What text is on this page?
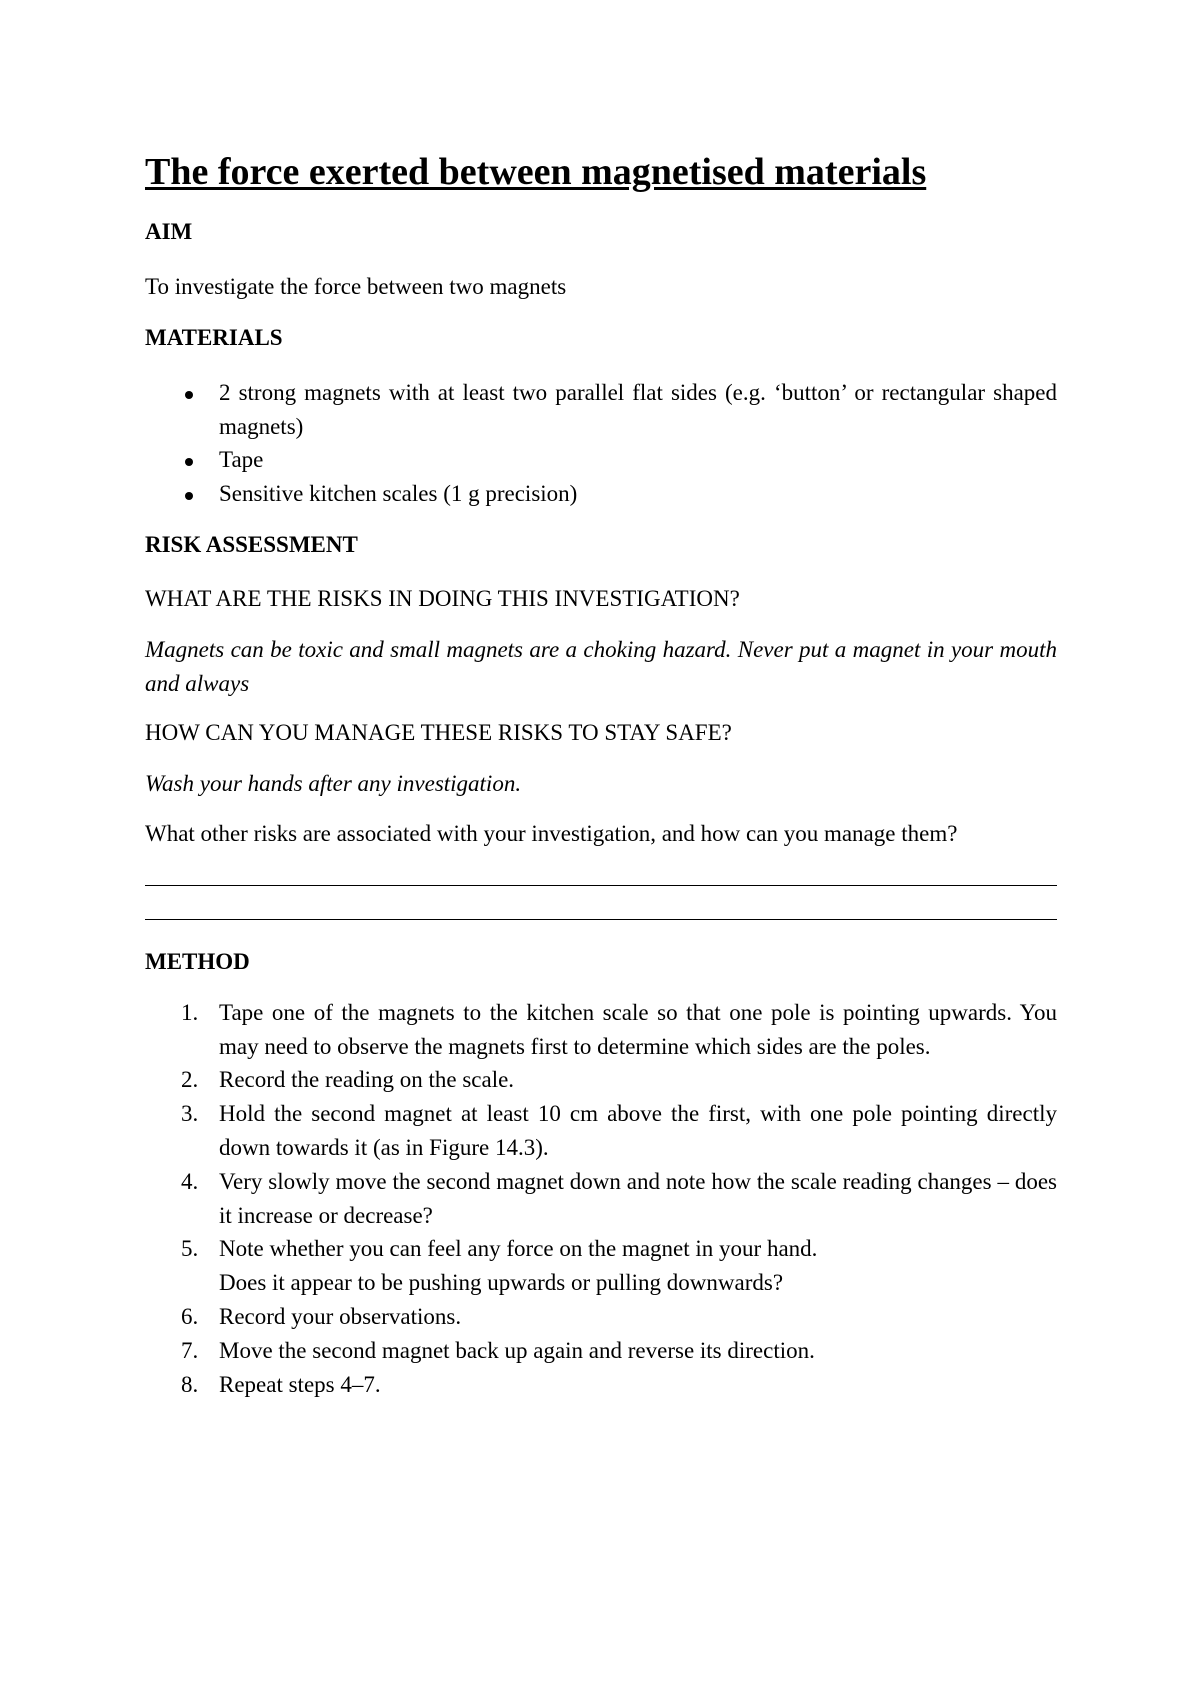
The force exerted between magnetised materials
AIM
To investigate the force between two magnets
MATERIALS
2 strong magnets with at least two parallel flat sides (e.g. ‘button’ or rectangular shaped magnets)
Tape
Sensitive kitchen scales (1 g precision)
RISK ASSESSMENT
WHAT ARE THE RISKS IN DOING THIS INVESTIGATION?
Magnets can be toxic and small magnets are a choking hazard. Never put a magnet in your mouth and always
HOW CAN YOU MANAGE THESE RISKS TO STAY SAFE?
Wash your hands after any investigation.
What other risks are associated with your investigation, and how can you manage them?
METHOD
1. Tape one of the magnets to the kitchen scale so that one pole is pointing upwards. You may need to observe the magnets first to determine which sides are the poles.
2. Record the reading on the scale.
3. Hold the second magnet at least 10 cm above the first, with one pole pointing directly down towards it (as in Figure 14.3).
4. Very slowly move the second magnet down and note how the scale reading changes – does it increase or decrease?
5. Note whether you can feel any force on the magnet in your hand.
Does it appear to be pushing upwards or pulling downwards?
6. Record your observations.
7. Move the second magnet back up again and reverse its direction.
8. Repeat steps 4–7.
